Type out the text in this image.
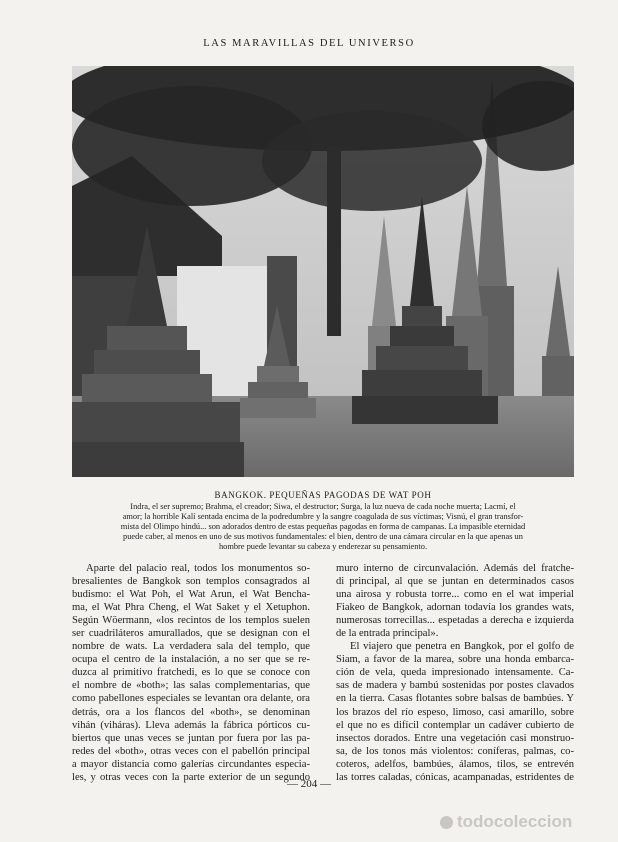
LAS MARAVILLAS DEL UNIVERSO
BANGKOK. PEQUEÑAS PAGODAS DE WAT POH
Indra, el ser supremo; Brahma, el creador; Siwa, el destructor; Surga, la luz nueva de cada noche muerta; Lacmí, el
amor; la horrible Kalí sentada encima de la podredumbre y la sangre coagulada de sus víctimas; Visnú, el gran transfor-
mista del Olimpo hindú... son adorados dentro de estas pequeñas pagodas en forma de campanas. La impasible eternidad
puede caber, al menos en uno de sus motivos fundamentales: el bien, dentro de una cámara circular en la que apenas un
hombre puede levantar su cabeza y enderezar su pensamiento.

Aparte del palacio real, todos los monumentos so-
bresalientes de Bangkok son templos consagrados al
budismo: el Wat Poh, el Wat Arun, el Wat Bencha-
ma, el Wat Phra Cheng, el Wat Saket y el Xetuphon.
Según Wöermann, «los recintos de los templos suelen
ser cuadriláteros amurallados, que se designan con el
nombre de wats. La verdadera sala del templo, que
ocupa el centro de la instalación, a no ser que se re-
duzca al primitivo fratchedi, es lo que se conoce con
el nombre de «both»; las salas complementarias, que
como pabellones especiales se levantan ora delante, ora
detrás, ora a los flancos del «both», se denominan
vihán (viháras). Lleva además la fábrica pórticos cu-
biertos que unas veces se juntan por fuera por las pa-
redes del «both», otras veces con el pabellón principal
a mayor distancia como galerías circundantes especia-
les, y otras veces con la parte exterior de un segundo

muro interno de circunvalación. Además del fratche-
di principal, al que se juntan en determinados casos
una airosa y robusta torre... como en el wat imperial
Fiakeo de Bangkok, adornan todavía los grandes wats,
numerosas torrecillas... espetadas a derecha e izquierda
de la entrada principal».

El viajero que penetra en Bangkok, por el golfo de
Siam, a favor de la marea, sobre una honda embarca-
ción de vela, queda impresionado intensamente. Ca-
sas de madera y bambú sostenidas por postes clavados
en la tierra. Casas flotantes sobre balsas de bambúes. Y
los brazos del río espeso, limoso, casi amarillo, sobre
el que no es difícil contemplar un cadáver cubierto de
insectos dorados. Entre una vegetación casi monstruo-
sa, de los tonos más violentos: coníferas, palmas, co-
coteros, adelfos, bambúes, álamos, tilos, se entrevén
las torres caladas, cónicas, acampanadas, estridentes de

— 204 —
todocoleccion
